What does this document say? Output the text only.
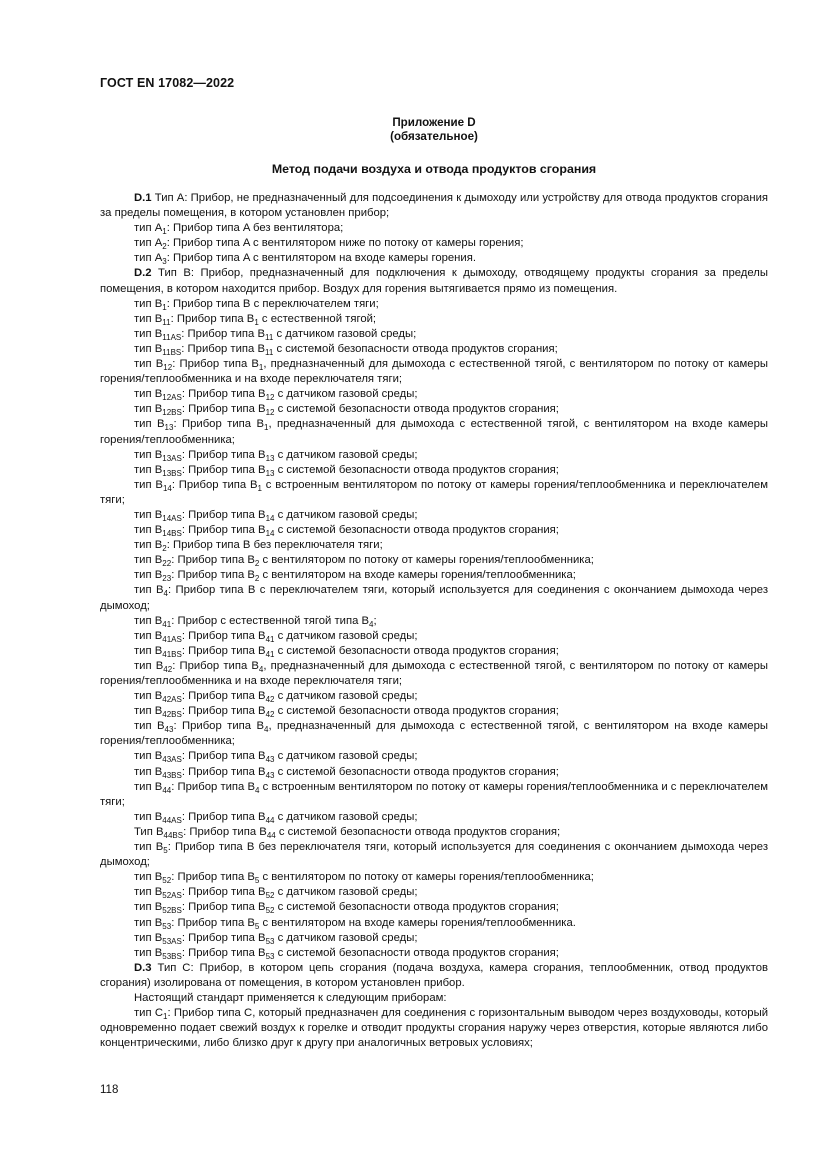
ГОСТ EN 17082—2022
Приложение D
(обязательное)
Метод подачи воздуха и отвода продуктов сгорания

D.1 Тип A: Прибор, не предназначенный для подсоединения к дымоходу или устройству для отвода продуктов сгорания за пределы помещения, в котором установлен прибор;

тип $A_1$: Прибор типа A без вентилятора;

тип $A_2$: Прибор типа A с вентилятором ниже по потоку от камеры горения;

тип $A_3$: Прибор типа A с вентилятором на входе камеры горения.

D.2 Тип B: Прибор, предназначенный для подключения к дымоходу, отводящему продукты сгорания за пределы помещения, в котором находится прибор. Воздух для горения вытягивается прямо из помещения.

тип $B_1$: Прибор типа B с переключателем тяги;

тип $B_{11}$: Прибор типа $B_1$ с естественной тягой;

тип $B_{11AS}$: Прибор типа $B_{11}$ с датчиком газовой среды;

тип $B_{11BS}$: Прибор типа $B_{11}$ с системой безопасности отвода продуктов сгорания;

тип $B_{12}$: Прибор типа $B_1$, предназначенный для дымохода с естественной тягой, с вентилятором по потоку от камеры горения/теплообменника и на входе переключателя тяги;

тип $B_{12AS}$: Прибор типа $B_{12}$ с датчиком газовой среды;

тип $B_{12BS}$: Прибор типа $B_{12}$ с системой безопасности отвода продуктов сгорания;

тип $B_{13}$: Прибор типа $B_1$, предназначенный для дымохода с естественной тягой, с вентилятором на входе камеры горения/теплообменника;

тип $B_{13AS}$: Прибор типа $B_{13}$ с датчиком газовой среды;

тип $B_{13BS}$: Прибор типа $B_{13}$ с системой безопасности отвода продуктов сгорания;

тип $B_{14}$: Прибор типа $B_1$ с встроенным вентилятором по потоку от камеры горения/теплообменника и переключателем тяги;

тип $B_{14AS}$: Прибор типа $B_{14}$ с датчиком газовой среды;

тип $B_{14BS}$: Прибор типа $B_{14}$ с системой безопасности отвода продуктов сгорания;

тип $B_2$: Прибор типа B без переключателя тяги;

тип $B_{22}$: Прибор типа $B_2$ с вентилятором по потоку от камеры горения/теплообменника;

тип $B_{23}$: Прибор типа $B_2$ с вентилятором на входе камеры горения/теплообменника;

тип $B_4$: Прибор типа B с переключателем тяги, который используется для соединения с окончанием дымохода через дымоход;

тип $B_{41}$: Прибор с естественной тягой типа $B_4$;

тип $B_{41AS}$: Прибор типа $B_{41}$ с датчиком газовой среды;

тип $B_{41BS}$: Прибор типа $B_{41}$ с системой безопасности отвода продуктов сгорания;

тип $B_{42}$: Прибор типа $B_4$, предназначенный для дымохода с естественной тягой, с вентилятором по потоку от камеры горения/теплообменника и на входе переключателя тяги;

тип $B_{42AS}$: Прибор типа $B_{42}$ с датчиком газовой среды;

тип $B_{42BS}$: Прибор типа $B_{42}$ с системой безопасности отвода продуктов сгорания;

тип $B_{43}$: Прибор типа $B_4$, предназначенный для дымохода с естественной тягой, с вентилятором на входе камеры горения/теплообменника;

тип $B_{43AS}$: Прибор типа $B_{43}$ с датчиком газовой среды;

тип $B_{43BS}$: Прибор типа $B_{43}$ с системой безопасности отвода продуктов сгорания;

тип $B_{44}$: Прибор типа $B_4$ с встроенным вентилятором по потоку от камеры горения/теплообменника и с переключателем тяги;

тип $B_{44AS}$: Прибор типа $B_{44}$ с датчиком газовой среды;

Тип $B_{44BS}$: Прибор типа $B_{44}$ с системой безопасности отвода продуктов сгорания;

тип $B_5$: Прибор типа B без переключателя тяги, который используется для соединения с окончанием дымохода через дымоход;

тип $B_{52}$: Прибор типа $B_5$ с вентилятором по потоку от камеры горения/теплообменника;

тип $B_{52AS}$: Прибор типа $B_{52}$ с датчиком газовой среды;

тип $B_{52BS}$: Прибор типа $B_{52}$ с системой безопасности отвода продуктов сгорания;

тип $B_{53}$: Прибор типа $B_5$ с вентилятором на входе камеры горения/теплообменника.

тип $B_{53AS}$: Прибор типа $B_{53}$ с датчиком газовой среды;

тип $B_{53BS}$: Прибор типа $B_{53}$ с системой безопасности отвода продуктов сгорания;

D.3 Тип C: Прибор, в котором цепь сгорания (подача воздуха, камера сгорания, теплообменник, отвод продуктов сгорания) изолирована от помещения, в котором установлен прибор.

Настоящий стандарт применяется к следующим приборам:

тип $C_1$: Прибор типа C, который предназначен для соединения с горизонтальным выводом через воздуховоды, который одновременно подает свежий воздух к горелке и отводит продукты сгорания наружу через отверстия, которые являются либо концентрическими, либо близко друг к другу при аналогичных ветровых условиях;

118
